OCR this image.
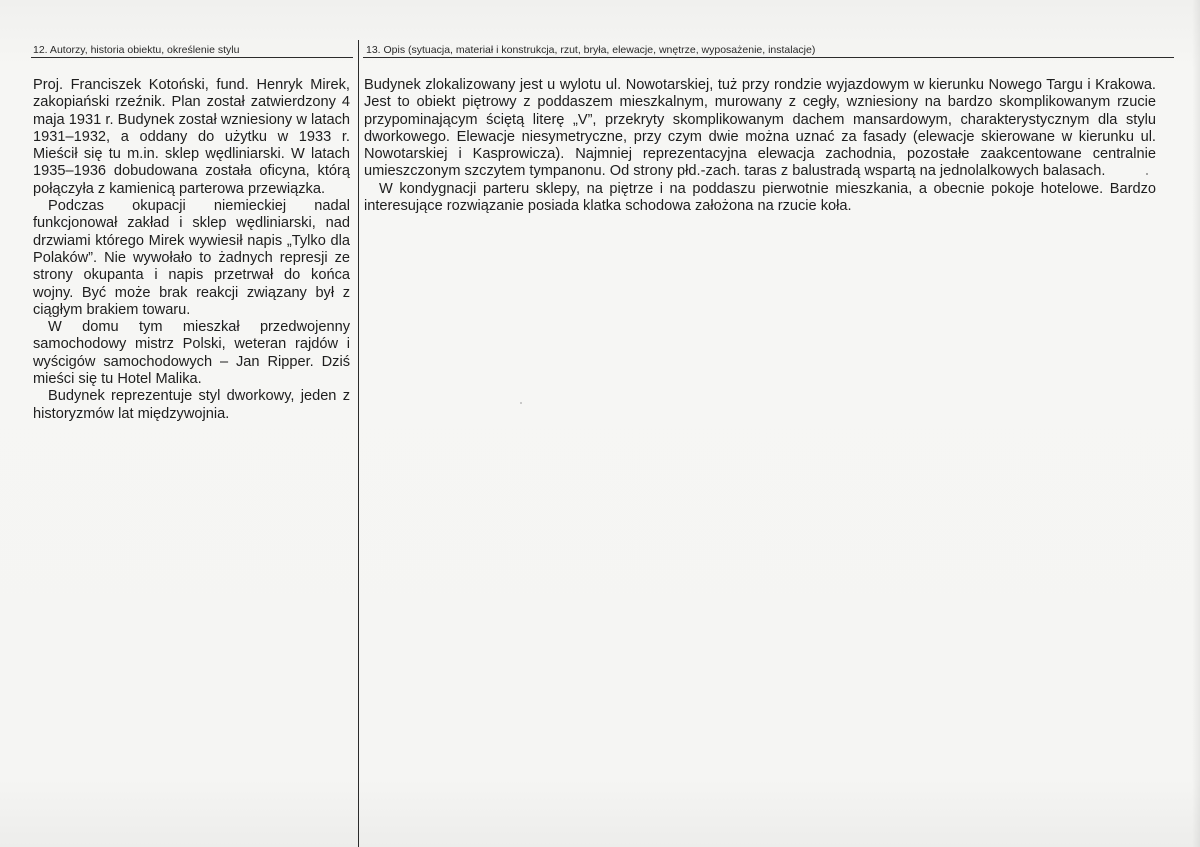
12. Autorzy, historia obiektu, określenie stylu	13. Opis (sytuacja, materiał i konstrukcja, rzut, bryła, elewacje, wnętrze, wyposażenie, instalacje)

Proj. Franciszek Kotoński, fund. Henryk Mirek, zakopiański rzeźnik. Plan został zatwierdzony 4 maja 1931 r. Budynek został wzniesiony w latach 1931–1932, a oddany do użytku w 1933 r. Mieścił się tu m.in. sklep wędliniarski. W latach 1935–1936 dobudowana została oficyna, którą połączyła z kamienicą parterowa przewiązka.

Podczas okupacji niemieckiej nadal funkcjonował zakład i sklep wędliniarski, nad drzwiami którego Mirek wywiesił napis „Tylko dla Polaków”. Nie wywołało to żadnych represji ze strony okupanta i napis przetrwał do końca wojny. Być może brak reakcji związany był z ciągłym brakiem towaru.

W domu tym mieszkał przedwojenny samochodowy mistrz Polski, weteran rajdów i wyścigów samochodowych – Jan Ripper. Dziś mieści się tu Hotel Malika.

Budynek reprezentuje styl dworkowy, jeden z historyzmów lat międzywojnia.

Budynek zlokalizowany jest u wylotu ul. Nowotarskiej, tuż przy rondzie wyjazdowym w kierunku Nowego Targu i Krakowa. Jest to obiekt piętrowy z poddaszem mieszkalnym, murowany z cegły, wzniesiony na bardzo skomplikowanym rzucie przypominającym ściętą literę „V”, przekryty skomplikowanym dachem mansardowym, charakterystycznym dla stylu dworkowego. Elewacje niesymetryczne, przy czym dwie można uznać za fasady (elewacje skierowane w kierunku ul. Nowotarskiej i Kasprowicza). Najmniej reprezentacyjna elewacja zachodnia, pozostałe zaakcentowane centralnie umieszczonym szczytem tympanonu. Od strony płd.-zach. taras z balustradą wspartą na jednolalkowych balasach.

W kondygnacji parteru sklepy, na piętrze i na poddaszu pierwotnie mieszkania, a obecnie pokoje hotelowe. Bardzo interesujące rozwiązanie posiada klatka schodowa założona na rzucie koła.
